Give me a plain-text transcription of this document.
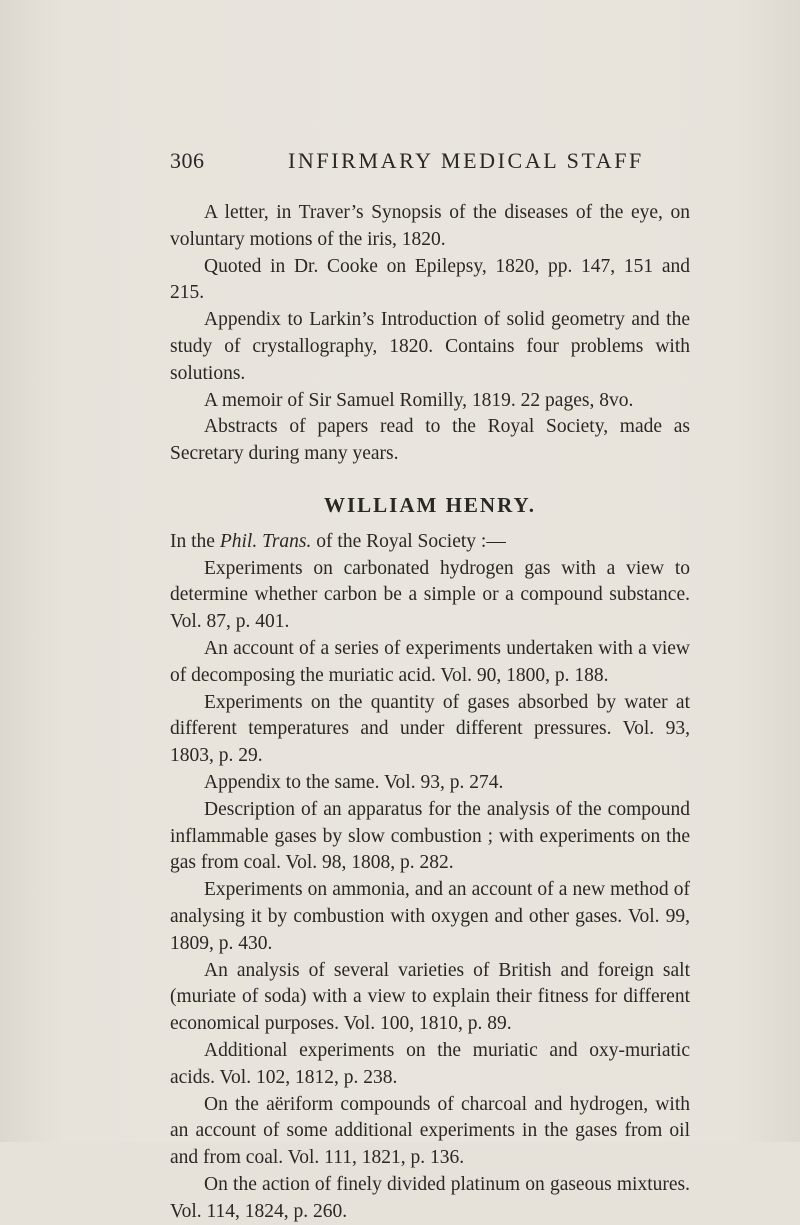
306	INFIRMARY MEDICAL STAFF

A letter, in Traver’s Synopsis of the diseases of the eye, on voluntary motions of the iris, 1820.

Quoted in Dr. Cooke on Epilepsy, 1820, pp. 147, 151 and 215.

Appendix to Larkin’s Introduction of solid geometry and the study of crystallography, 1820. Contains four problems with solutions.

A memoir of Sir Samuel Romilly, 1819. 22 pages, 8vo.

Abstracts of papers read to the Royal Society, made as Secretary during many years.

WILLIAM HENRY.

In the Phil. Trans. of the Royal Society :—

Experiments on carbonated hydrogen gas with a view to determine whether carbon be a simple or a compound substance. Vol. 87, p. 401.

An account of a series of experiments undertaken with a view of decomposing the muriatic acid. Vol. 90, 1800, p. 188.

Experiments on the quantity of gases absorbed by water at different temperatures and under different pressures. Vol. 93, 1803, p. 29.

Appendix to the same. Vol. 93, p. 274.

Description of an apparatus for the analysis of the compound inflammable gases by slow combustion ; with experiments on the gas from coal. Vol. 98, 1808, p. 282.

Experiments on ammonia, and an account of a new method of analysing it by combustion with oxygen and other gases. Vol. 99, 1809, p. 430.

An analysis of several varieties of British and foreign salt (muriate of soda) with a view to explain their fitness for different economical purposes. Vol. 100, 1810, p. 89.

Additional experiments on the muriatic and oxy-muriatic acids. Vol. 102, 1812, p. 238.

On the aëriform compounds of charcoal and hydrogen, with an account of some additional experiments in the gases from oil and from coal. Vol. 111, 1821, p. 136.

On the action of finely divided platinum on gaseous mixtures. Vol. 114, 1824, p. 260.
